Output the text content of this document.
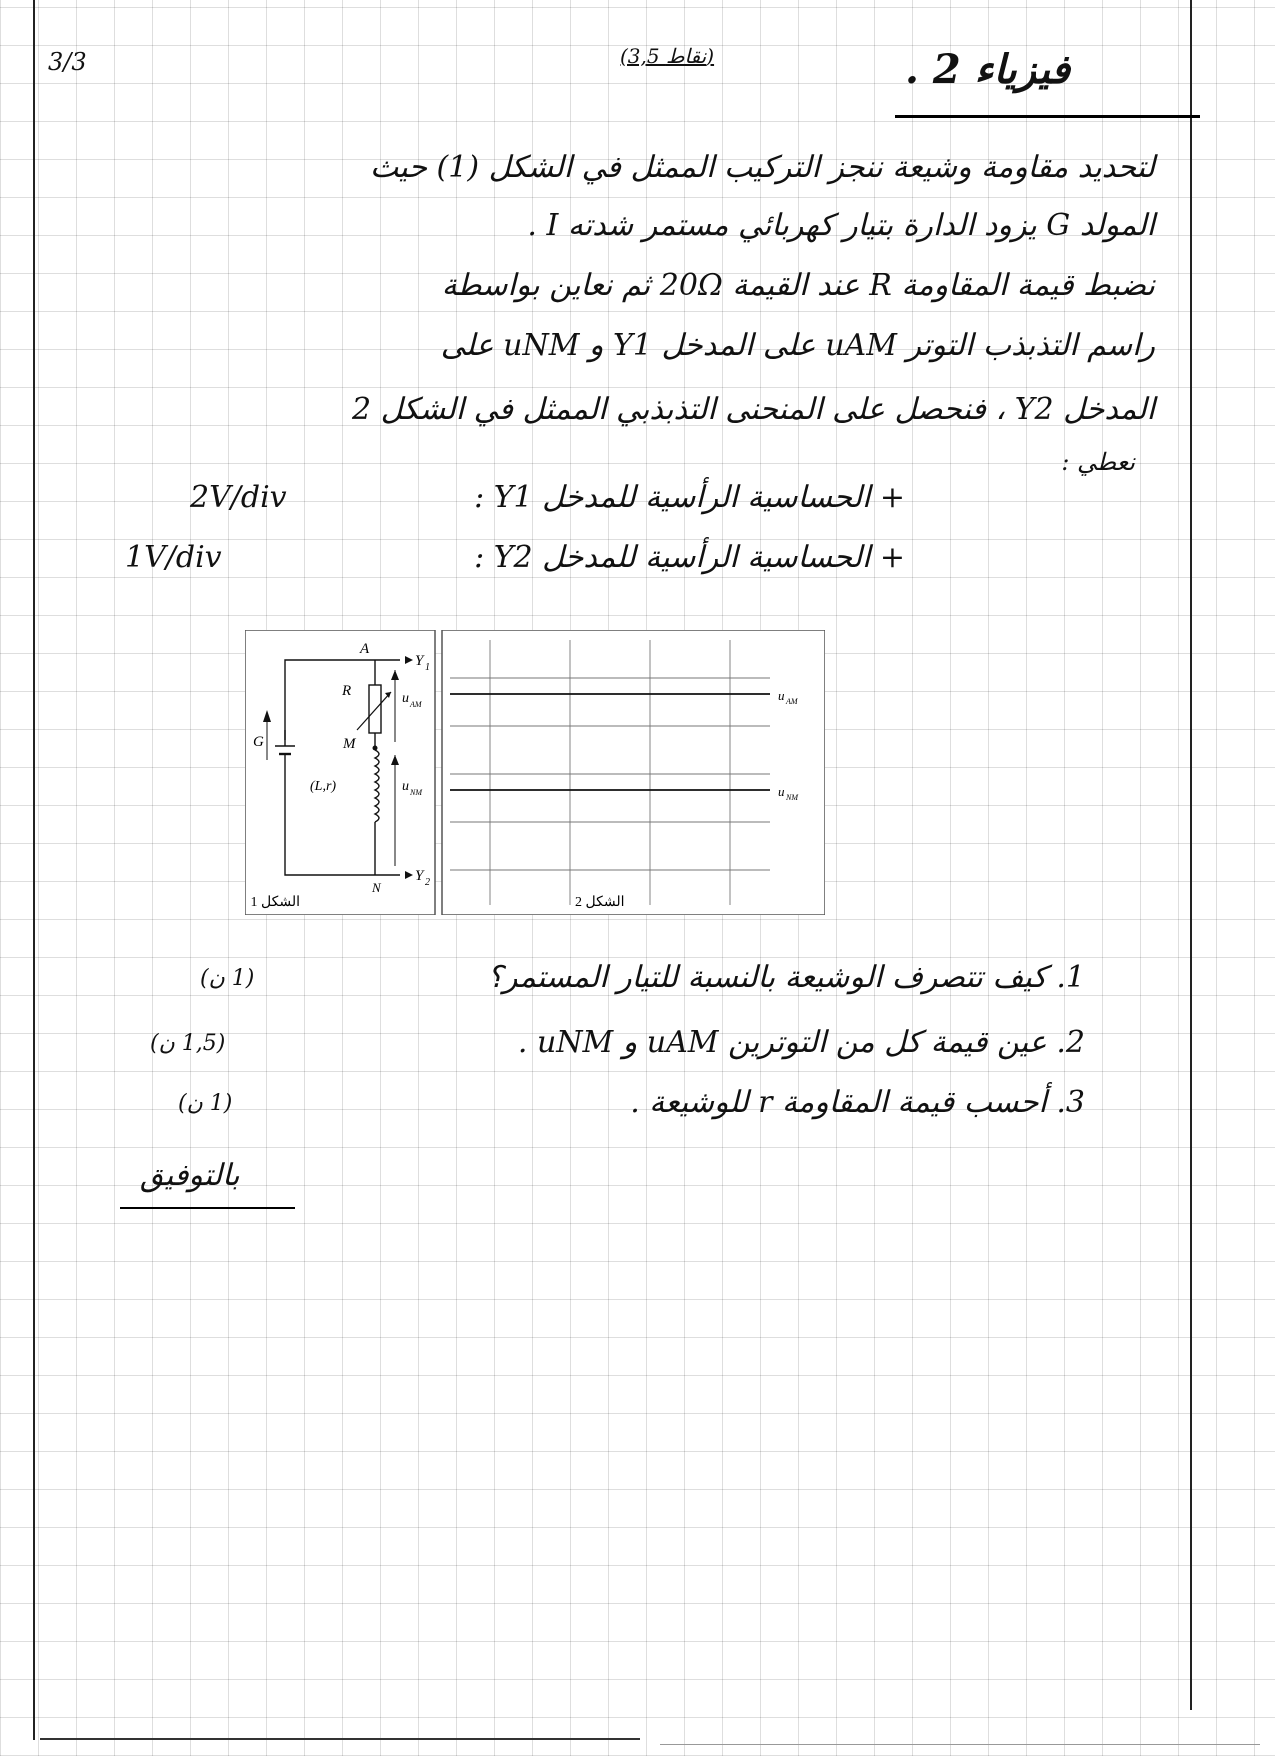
3/3	(3,5 نقاط)	فيزياء 2 .
لتحديد مقاومة وشيعة ننجز التركيب الممثل في الشكل (1) حيث
المولد G يزود الدارة بتيار كهربائي مستمر شدته I .
نضبط قيمة المقاومة R عند القيمة 20Ω ثم نعاين بواسطة
راسم التذبذب التوتر uAM على المدخل Y1 و uNM على
المدخل Y2 ، فنحصل على المنحنى التذبذبي الممثل في الشكل 2
نعطي :
+ الحساسية الرأسية للمدخل Y1 :
2V/div
+ الحساسية الرأسية للمدخل Y2 :
1V/div
A
Y 1
R	u AM
M
G
(L,r)	u NM
N
Y 2
الشكل 1
u AM
u NM
الشكل 2
1. كيف تتصرف الوشيعة بالنسبة للتيار المستمر؟
(1 ن)
2. عين قيمة كل من التوترين uAM و uNM .
(1,5 ن)
3. أحسب قيمة المقاومة r للوشيعة .
(1 ن)
بالتوفيق
